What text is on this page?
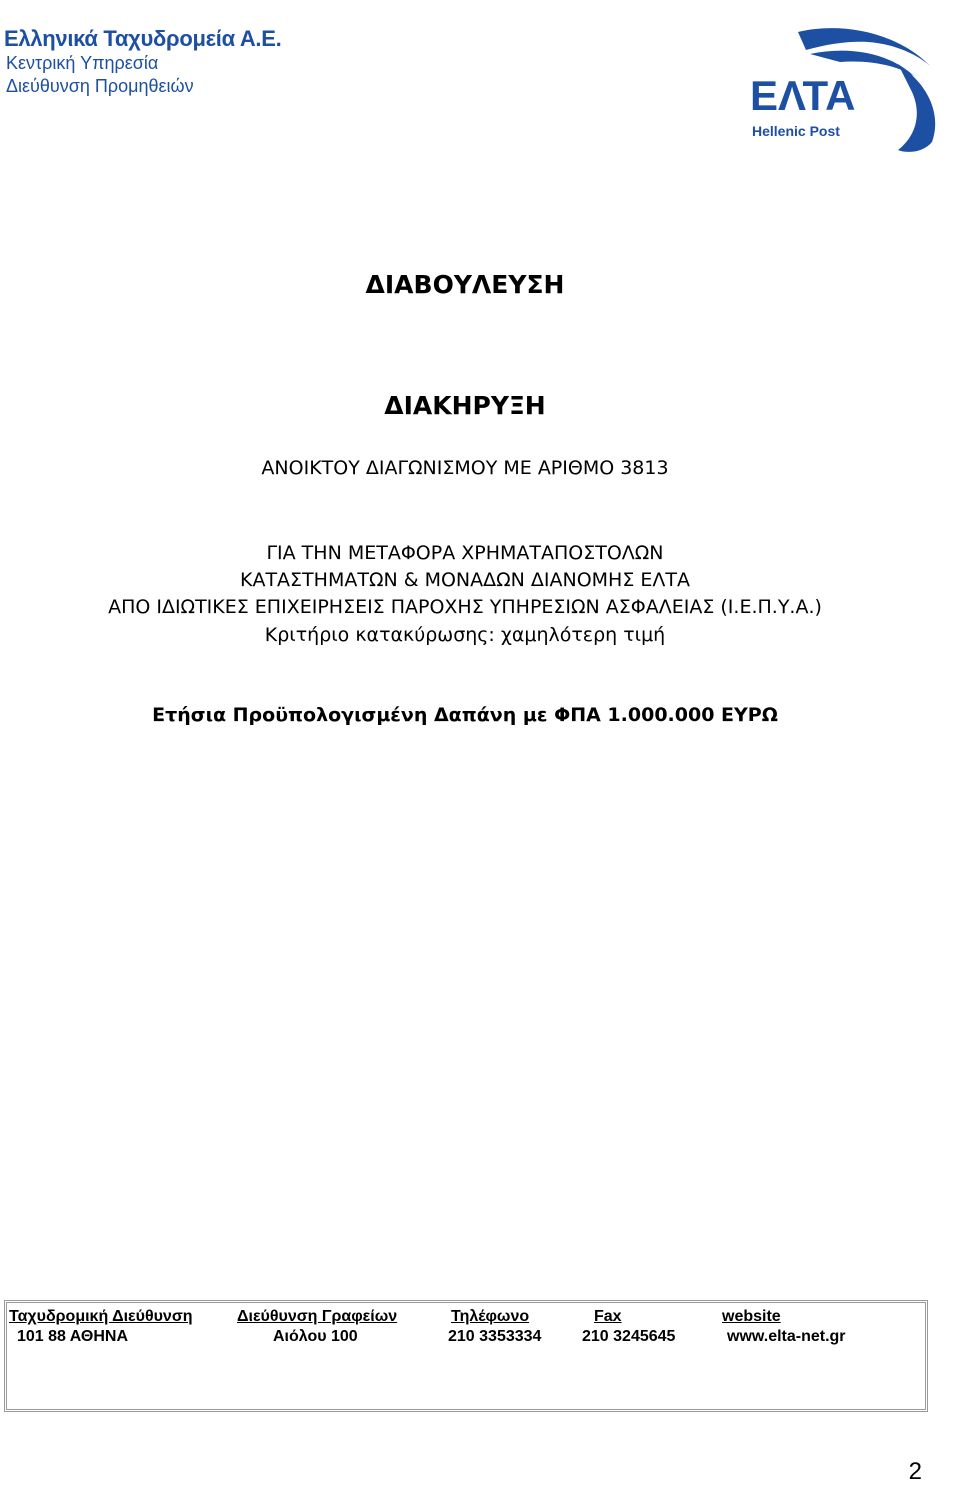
Ελληνικά Ταχυδρομεία Α.Ε.
Κεντρική Υπηρεσία
Διεύθυνση Προμηθειών	ΕΛΤΑ
Hellenic Post
ΔΙΑΒΟΥΛΕΥΣΗ
ΔΙΑΚΗΡΥΞΗ
ΑΝΟΙΚΤΟΥ ΔΙΑΓΩΝΙΣΜΟΥ ΜΕ ΑΡΙΘΜΟ 3813
ΓΙΑ ΤΗΝ ΜΕΤΑΦΟΡΑ ΧΡΗΜΑΤΑΠΟΣΤΟΛΩΝ
ΚΑΤΑΣΤΗΜΑΤΩΝ & ΜΟΝΑΔΩΝ ΔΙΑΝΟΜΗΣ ΕΛΤΑ
ΑΠΟ ΙΔΙΩΤΙΚΕΣ ΕΠΙΧΕΙΡΗΣΕΙΣ ΠΑΡΟΧΗΣ ΥΠΗΡΕΣΙΩΝ ΑΣΦΑΛΕΙΑΣ (Ι.Ε.Π.Υ.Α.)
Κριτήριο κατακύρωσης: χαμηλότερη τιμή
Ετήσια Προϋπολογισμένη Δαπάνη με ΦΠΑ 1.000.000 ΕΥΡΩ
Ταχυδρομική Διεύθυνση	Διεύθυνση Γραφείων	Τηλέφωνο	Fax	website
101 88 ΑΘΗΝΑ	Αιόλου 100	210 3353334	210 3245645	www.elta-net.gr
2
